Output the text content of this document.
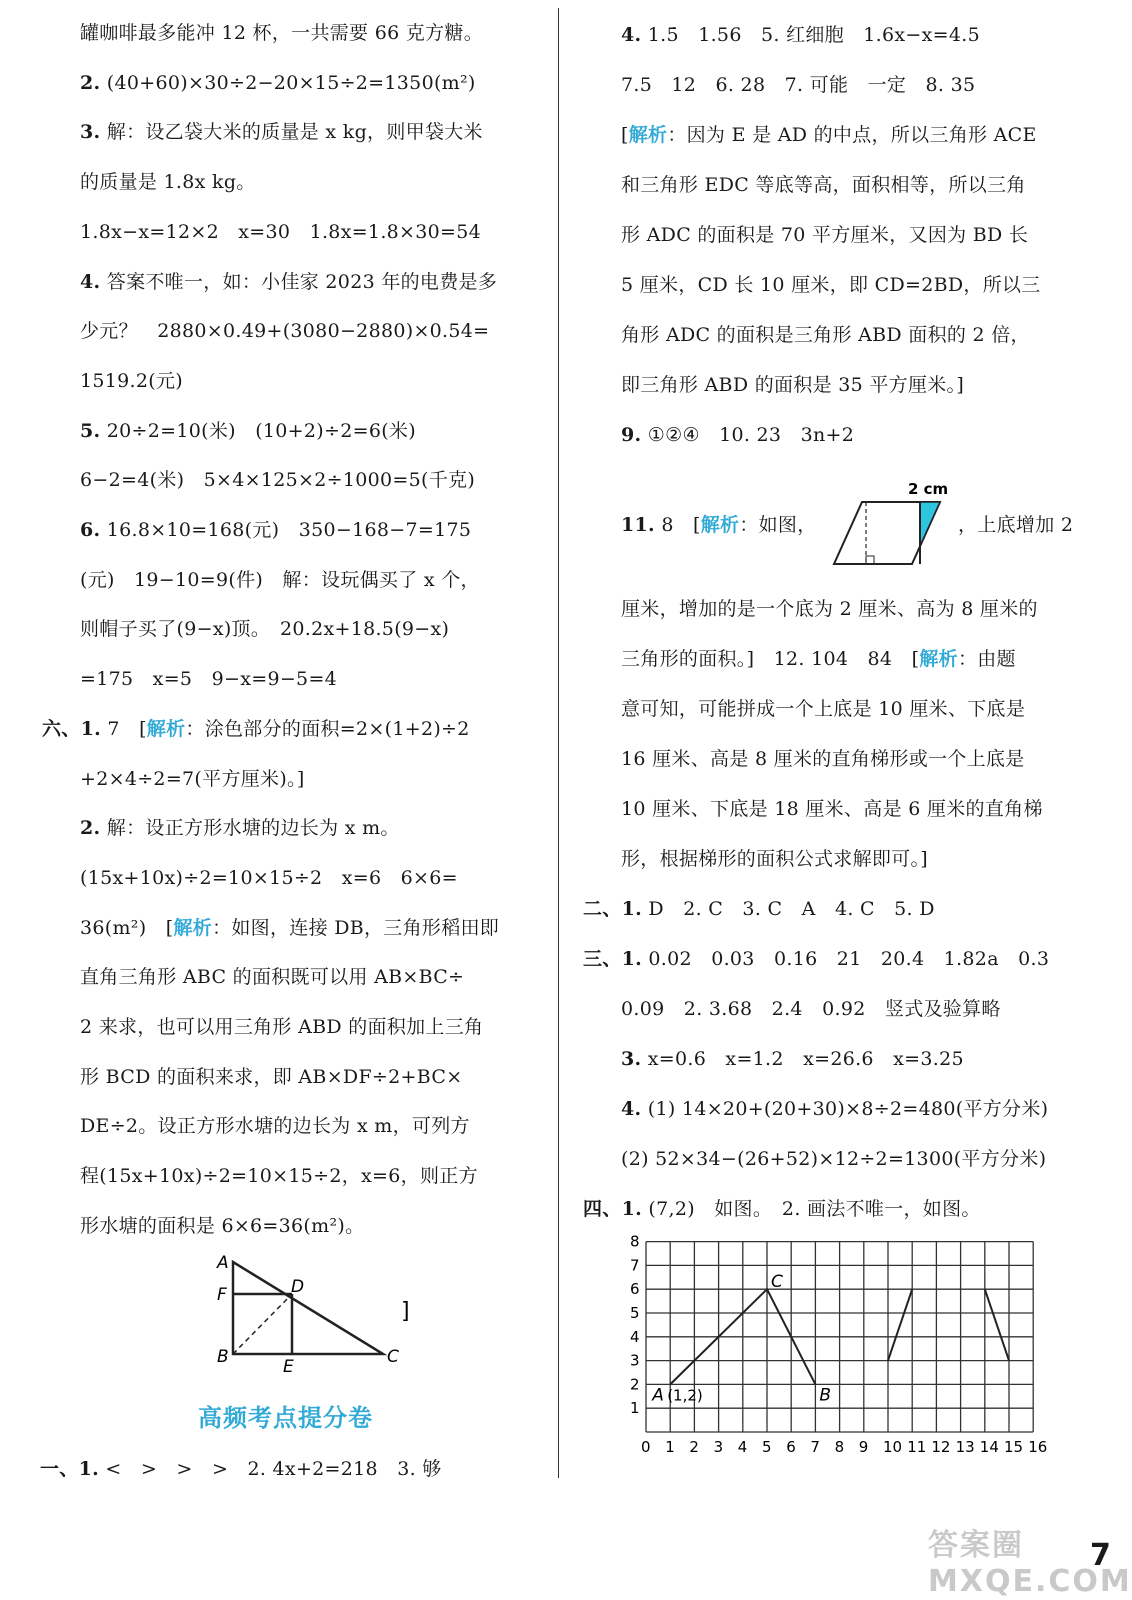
A
F	D
B	E	C
]
高频考点提分卷
一、1. <　>　>　>　2. 4x+2=218　3. 够
11. 8　[解析：如图，
2 cm
，上底增加 2
0 1 2 3 4 5 6 7 8 9 10 11 12 13 14 15 16
1
2
3
4
5
6
7
8
A (1,2)	B
C
答案圈 MXQE.COM
7
罐咖啡最多能冲 12 杯，一共需要 66 克方糖。
2. (40+60)×30÷2−20×15÷2=1350(m²)
3. 解：设乙袋大米的质量是 x kg，则甲袋大米
的质量是 1.8x kg。
1.8x−x=12×2　x=30　1.8x=1.8×30=54
4. 答案不唯一，如：小佳家 2023 年的电费是多
少元？　2880×0.49+(3080−2880)×0.54=
1519.2(元)
5. 20÷2=10(米)　(10+2)÷2=6(米)
6−2=4(米)　5×4×125×2÷1000=5(千克)
6. 16.8×10=168(元)　350−168−7=175
(元)　19−10=9(件)　解：设玩偶买了 x 个，
则帽子买了(9−x)顶。　20.2x+18.5(9−x)
=175　x=5　9−x=9−5=4
六、1. 7　[解析：涂色部分的面积=2×(1+2)÷2
+2×4÷2=7(平方厘米)。]
2. 解：设正方形水塘的边长为 x m。
(15x+10x)÷2=10×15÷2　x=6　6×6=
36(m²)　[解析：如图，连接 DB，三角形稻田即
直角三角形 ABC 的面积既可以用 AB×BC÷
2 来求，也可以用三角形 ABD 的面积加上三角
形 BCD 的面积来求，即 AB×DF÷2+BC×
DE÷2。设正方形水塘的边长为 x m，可列方
程(15x+10x)÷2=10×15÷2，x=6，则正方
形水塘的面积是 6×6=36(m²)。
4. 1.5̇　1.56　5. 红细胞　1.6x−x=4.5
7.5　12　6. 28　7. 可能　一定　8. 35
[解析：因为 E 是 AD 的中点，所以三角形 ACE
和三角形 EDC 等底等高，面积相等，所以三角
形 ADC 的面积是 70 平方厘米，又因为 BD 长
5 厘米，CD 长 10 厘米，即 CD=2BD，所以三
角形 ADC 的面积是三角形 ABD 面积的 2 倍，
即三角形 ABD 的面积是 35 平方厘米。]
9. ①②④　10. 23　3n+2
厘米，增加的是一个底为 2 厘米、高为 8 厘米的
三角形的面积。]　12. 104　84　[解析：由题
意可知，可能拼成一个上底是 10 厘米、下底是
16 厘米、高是 8 厘米的直角梯形或一个上底是
10 厘米、下底是 18 厘米、高是 6 厘米的直角梯
形，根据梯形的面积公式求解即可。]
二、1. D　2. C　3. C　A　4. C　5. D
三、1. 0.02　0.03　0.16　21　20.4　1.82a　0.3
0.09　2. 3.68　2.4　0.92　竖式及验算略
3. x=0.6　x=1.2　x=26.6　x=3.25
4. (1) 14×20+(20+30)×8÷2=480(平方分米)
(2) 52×34−(26+52)×12÷2=1300(平方分米)
四、1. (7,2)　如图。　2. 画法不唯一，如图。
